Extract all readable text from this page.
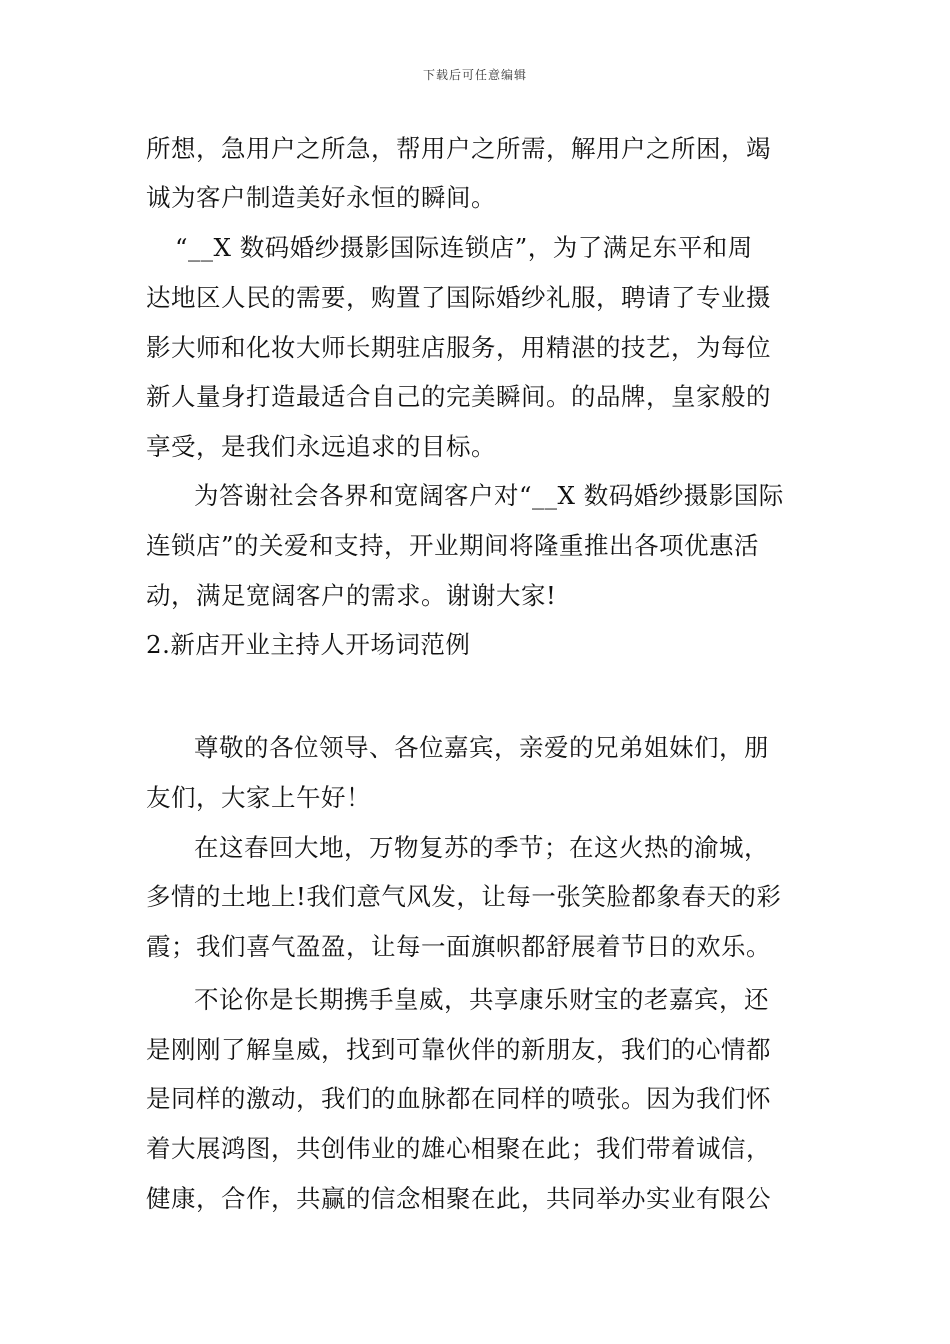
下载后可任意编辑
所想，急用户之所急，帮用户之所需，解用户之所困，竭
诚为客户制造美好永恒的瞬间。
“__X 数码婚纱摄影国际连锁店”，为了满足东平和周
达地区人民的需要，购置了国际婚纱礼服，聘请了专业摄
影大师和化妆大师长期驻店服务，用精湛的技艺，为每位
新人量身打造最适合自己的完美瞬间。的品牌，皇家般的
享受，是我们永远追求的目标。
为答谢社会各界和宽阔客户对“__X 数码婚纱摄影国际
连锁店”的关爱和支持，开业期间将隆重推出各项优惠活
动，满足宽阔客户的需求。谢谢大家!
2.新店开业主持人开场词范例
尊敬的各位领导、各位嘉宾，亲爱的兄弟姐妹们，朋
友们，大家上午好！
在这春回大地，万物复苏的季节；在这火热的渝城，
多情的土地上!我们意气风发，让每一张笑脸都象春天的彩
霞；我们喜气盈盈，让每一面旗帜都舒展着节日的欢乐。
不论你是长期携手皇威，共享康乐财宝的老嘉宾，还
是刚刚了解皇威，找到可靠伙伴的新朋友，我们的心情都
是同样的激动，我们的血脉都在同样的喷张。因为我们怀
着大展鸿图，共创伟业的雄心相聚在此；我们带着诚信，
健康，合作，共赢的信念相聚在此，共同举办实业有限公
